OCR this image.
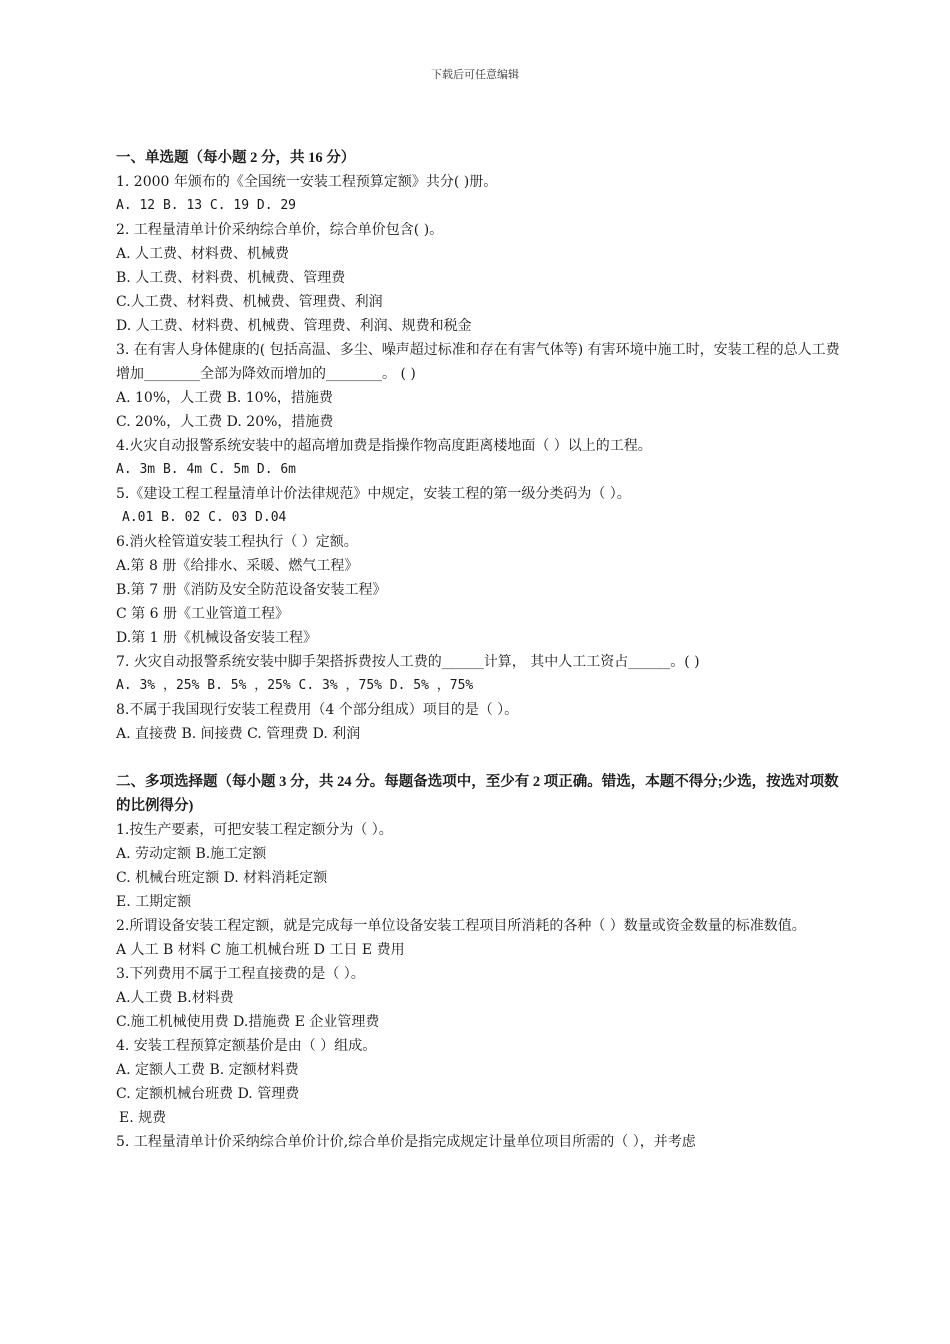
下载后可任意编辑
一、单选题（每小题 2 分，共 16 分）
1. 2000 年颁布的《全国统一安装工程预算定额》共分( )册。
A. 12 B. 13 C. 19 D. 29
2. 工程量清单计价采纳综合单价，综合单价包含( )。
A. 人工费、材料费、机械费
B. 人工费、材料费、机械费、管理费
C.人工费、材料费、机械费、管理费、利润
D. 人工费、材料费、机械费、管理费、利润、规费和税金
3. 在有害人身体健康的( 包括高温、多尘、噪声超过标准和存在有害气体等) 有害环境中施工时，安装工程的总人工费增加________全部为降效而增加的________。 ( )
A. 10%，人工费 B. 10%，措施费
C. 20%，人工费 D. 20%，措施费
4.火灾自动报警系统安装中的超高增加费是指操作物高度距离楼地面（ ）以上的工程。
A. 3m B. 4m C. 5m D. 6m
5.《建设工程工程量清单计价法律规范》中规定，安装工程的第一级分类码为（ ）。
A.01 B. 02 C. 03 D.04
6.消火栓管道安装工程执行（ ）定额。
A.第 8 册《给排水、采暖、燃气工程》
B.第 7 册《消防及安全防范设备安装工程》
C 第 6 册《工业管道工程》
D.第 1 册《机械设备安装工程》
7. 火灾自动报警系统安装中脚手架搭拆费按人工费的______计算， 其中人工工资占______。( )
A. 3% ，25% B. 5% ，25% C. 3% ，75% D. 5% ，75%
8.不属于我国现行安装工程费用（4 个部分组成）项目的是（ ）。
A. 直接费 B. 间接费 C. 管理费 D. 利润
二、多项选择题（每小题 3 分，共 24 分。每题备选项中，至少有 2 项正确。错选，本题不得分;少选，按选对项数的比例得分)
1.按生产要素，可把安装工程定额分为（ ）。
A. 劳动定额 B.施工定额
C. 机械台班定额 D. 材料消耗定额
E. 工期定额
2.所谓设备安装工程定额，就是完成每一单位设备安装工程项目所消耗的各种（ ）数量或资金数量的标准数值。
A 人工 B 材料 C 施工机械台班 D 工日 E 费用
3.下列费用不属于工程直接费的是（ ）。
A.人工费 B.材料费
C.施工机械使用费 D.措施费 E 企业管理费
4. 安装工程预算定额基价是由（ ）组成。
A. 定额人工费 B. 定额材料费
C. 定额机械台班费 D. 管理费
E. 规费
5. 工程量清单计价采纳综合单价计价,综合单价是指完成规定计量单位项目所需的（ ），并考虑
